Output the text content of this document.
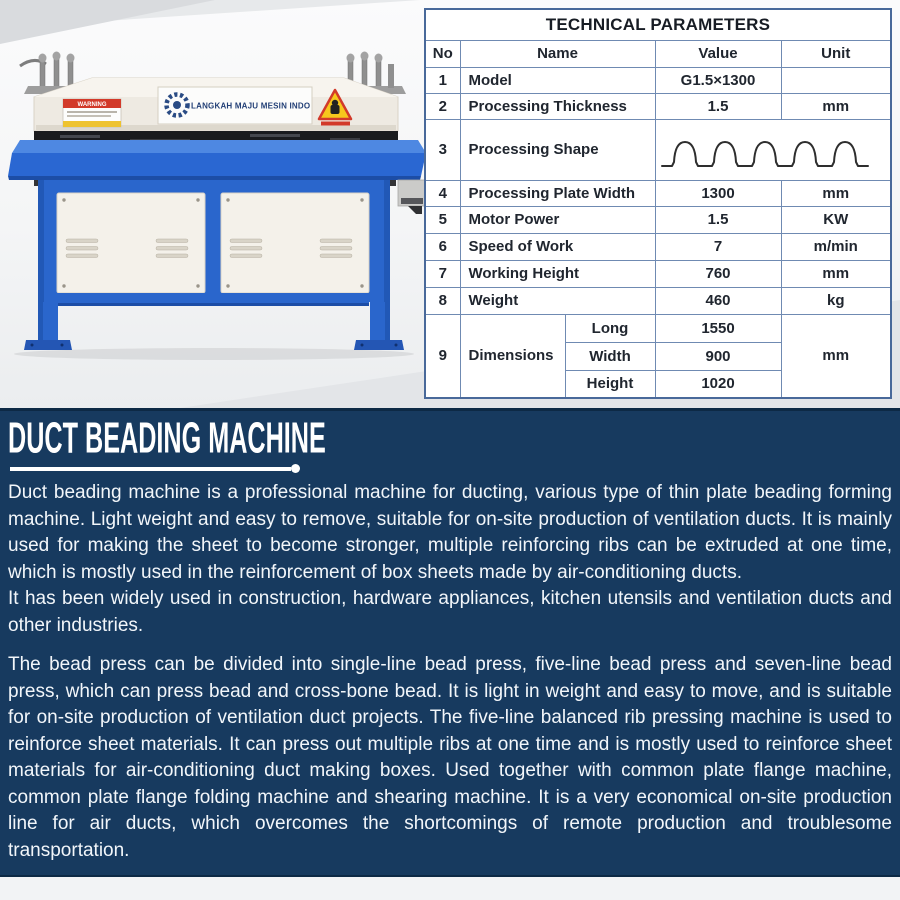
WARNING	LANGKAH MAJU MESIN INDO
TECHNICAL PARAMETERS				
No	Name		Value	Unit
1	Model		G1.5×1300	
2	Processing Thickness		1.5	mm
3	Processing Shape	
4	Processing Plate Width		1300	mm
5	Motor Power		1.5	KW
6	Speed of Work		7	m/min
7	Working Height		760	mm
8	Weight		460	kg
9	Dimensions	Long	1550	mm
		Width	900	
		Height	1020	
DUCT BEADING MACHINE

Duct beading machine is a professional machine for ducting, various type of thin plate beading forming machine. Light weight and easy to remove, suitable for on-site production of ventilation ducts. It is mainly used for making the sheet to become stronger, multiple reinforcing ribs can be extruded at one time, which is mostly used in the reinforcement of box sheets made by air-conditioning ducts.

It has been widely used in construction, hardware appliances, kitchen utensils and ventilation ducts and other industries.

The bead press can be divided into single-line bead press, five-line bead press and seven-line bead press, which can press bead and cross-bone bead. It is light in weight and easy to move, and is suitable for on-site production of ventilation duct projects. The five-line balanced rib pressing machine is used to reinforce sheet materials. It can press out multiple ribs at one time and is mostly used to reinforce sheet materials for air-conditioning duct making boxes. Used together with common plate flange machine, common plate flange folding machine and shearing machine. It is a very economical on-site production line for air ducts, which overcomes the shortcomings of remote production and troublesome transportation.
